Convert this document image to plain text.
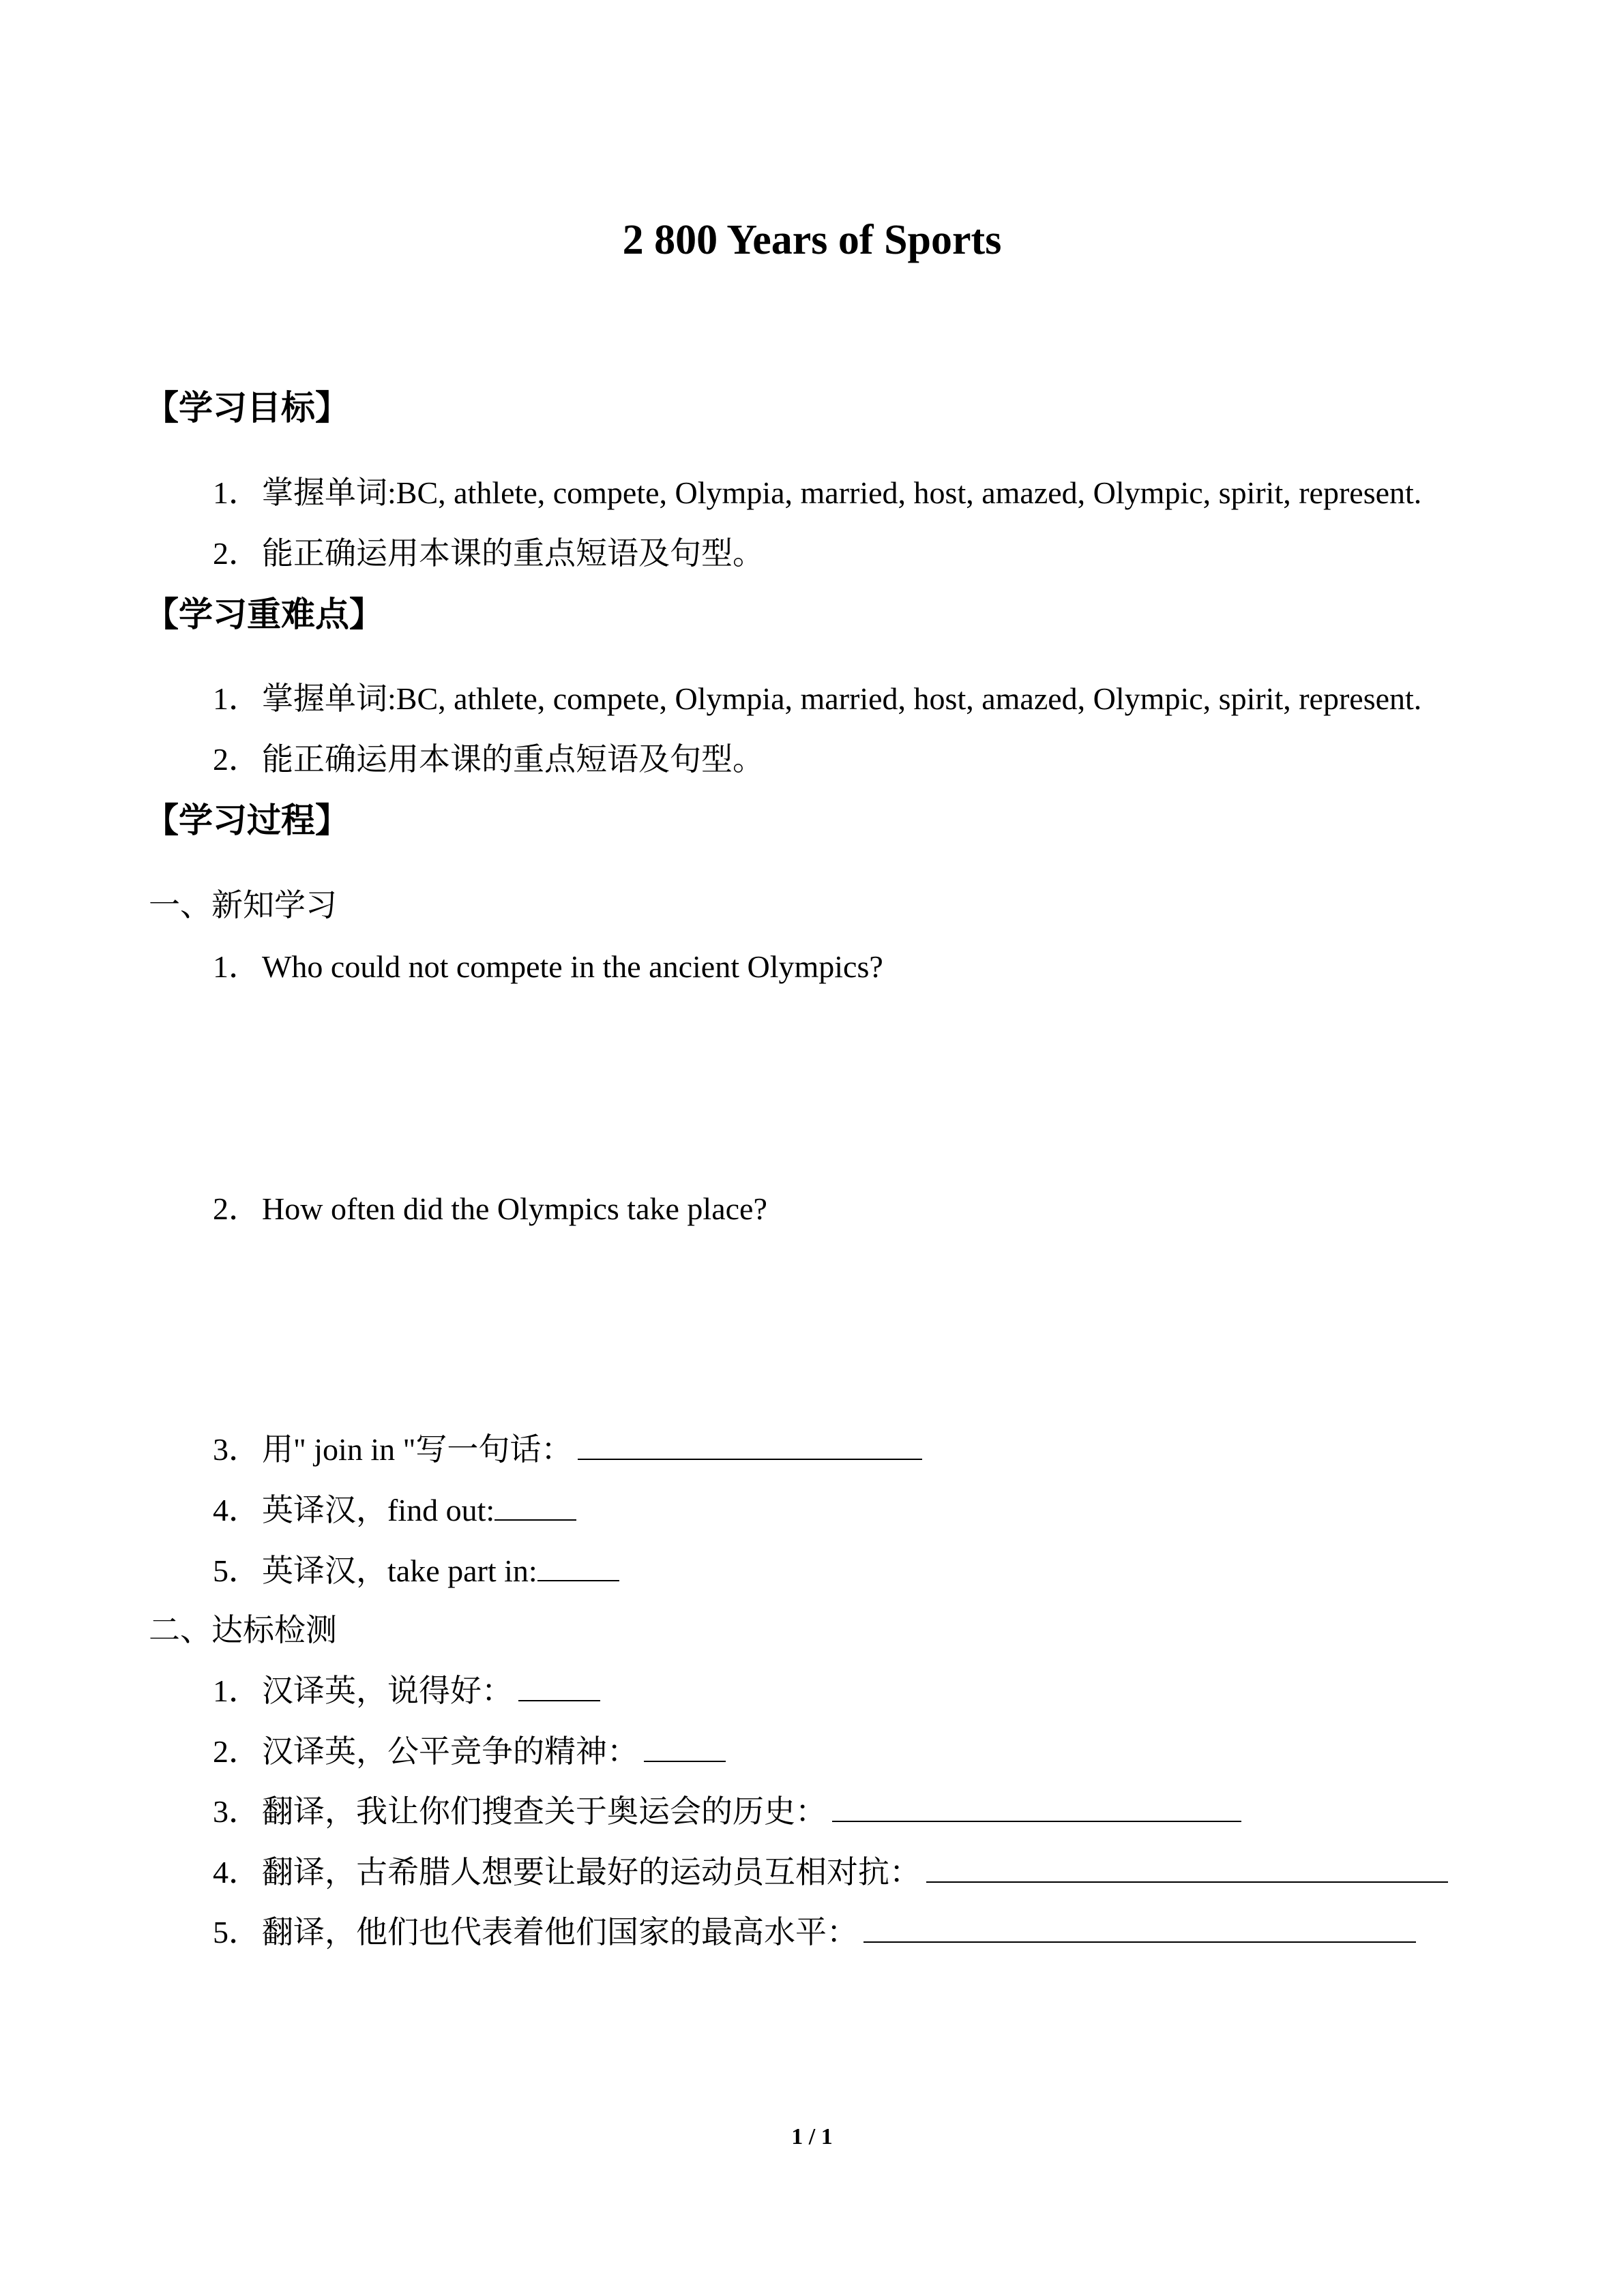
2 800 Years of Sports
【学习目标】
1．掌握单词:BC, athlete, compete, Olympia, married, host, amazed, Olympic, spirit, represent.
2．能正确运用本课的重点短语及句型。
【学习重难点】
1．掌握单词:BC, athlete, compete, Olympia, married, host, amazed, Olympic, spirit, represent.
2．能正确运用本课的重点短语及句型。
【学习过程】
一、新知学习
1．Who could not compete in the ancient Olympics?
2．How often did the Olympics take place?
3．用" join in "写一句话：
4．英译汉，find out:
5．英译汉，take part in:
二、达标检测
1．汉译英，说得好：
2．汉译英，公平竞争的精神：
3．翻译，我让你们搜查关于奥运会的历史：
4．翻译，古希腊人想要让最好的运动员互相对抗：
5．翻译，他们也代表着他们国家的最高水平：
1 / 1
